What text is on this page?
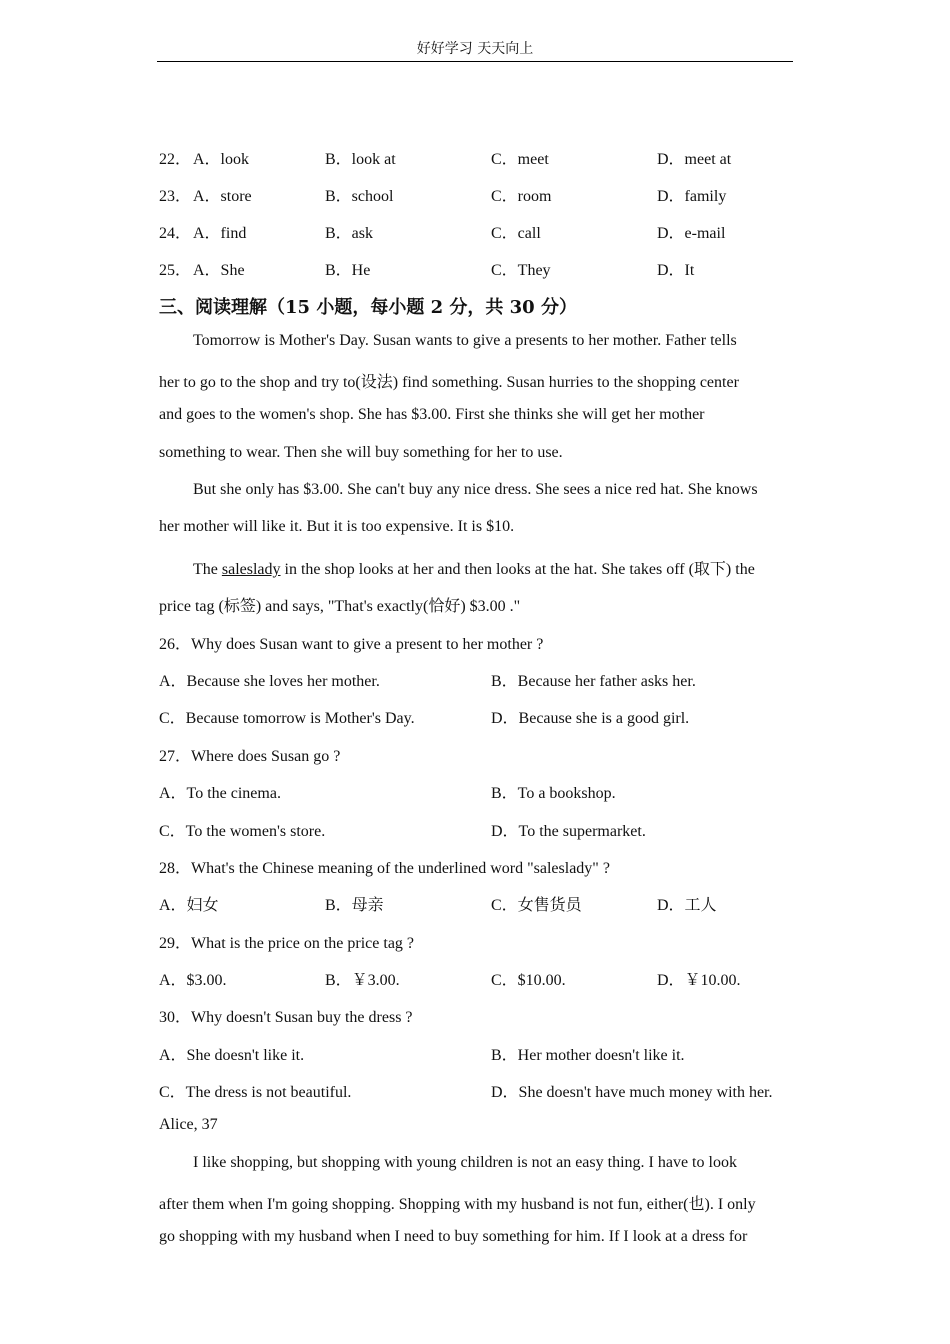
好好学习 天天向上
22． A．look	B．look at	C．meet	D．meet at
23． A．store	B．school	C．room	D．family
24． A．find	B．ask	C．call	D．e-mail
25． A．She	B．He	C．They	D．It
三、阅读理解（15 小题，每小题 2 分，共 30 分）
Tomorrow is Mother's Day. Susan wants to give a presents to her mother. Father tells
her to go to the shop and try to(设法) find something. Susan hurries to the shopping center
and goes to the women's shop. She has $3.00. First she thinks she will get her mother
something to wear. Then she will buy something for her to use.
But she only has $3.00. She can't buy any nice dress. She sees a nice red hat. She knows
her mother will like it. But it is too expensive. It is $10.
The saleslady in the shop looks at her and then looks at the hat. She takes off (取下) the
price tag (标签) and says, "That's exactly(恰好) $3.00 ."
26．Why does Susan want to give a present to her mother ?
A．Because she loves her mother.	B．Because her father asks her.
C．Because tomorrow is Mother's Day.	D．Because she is a good girl.
27．Where does Susan go ?
A．To the cinema.	B．To a bookshop.
C．To the women's store.	D．To the supermarket.
28．What's the Chinese meaning of the underlined word "saleslady" ?
A．妇女	B．母亲	C．女售货员	D．工人
29．What is the price on the price tag ?
A．$3.00.	B．￥3.00.	C．$10.00.	D．￥10.00.
30．Why doesn't Susan buy the dress ?
A．She doesn't like it.	B．Her mother doesn't like it.
C．The dress is not beautiful.	D．She doesn't have much money with her.
Alice, 37
I like shopping, but shopping with young children is not an easy thing. I have to look
after them when I'm going shopping. Shopping with my husband is not fun, either(也). I only
go shopping with my husband when I need to buy something for him. If I look at a dress for
